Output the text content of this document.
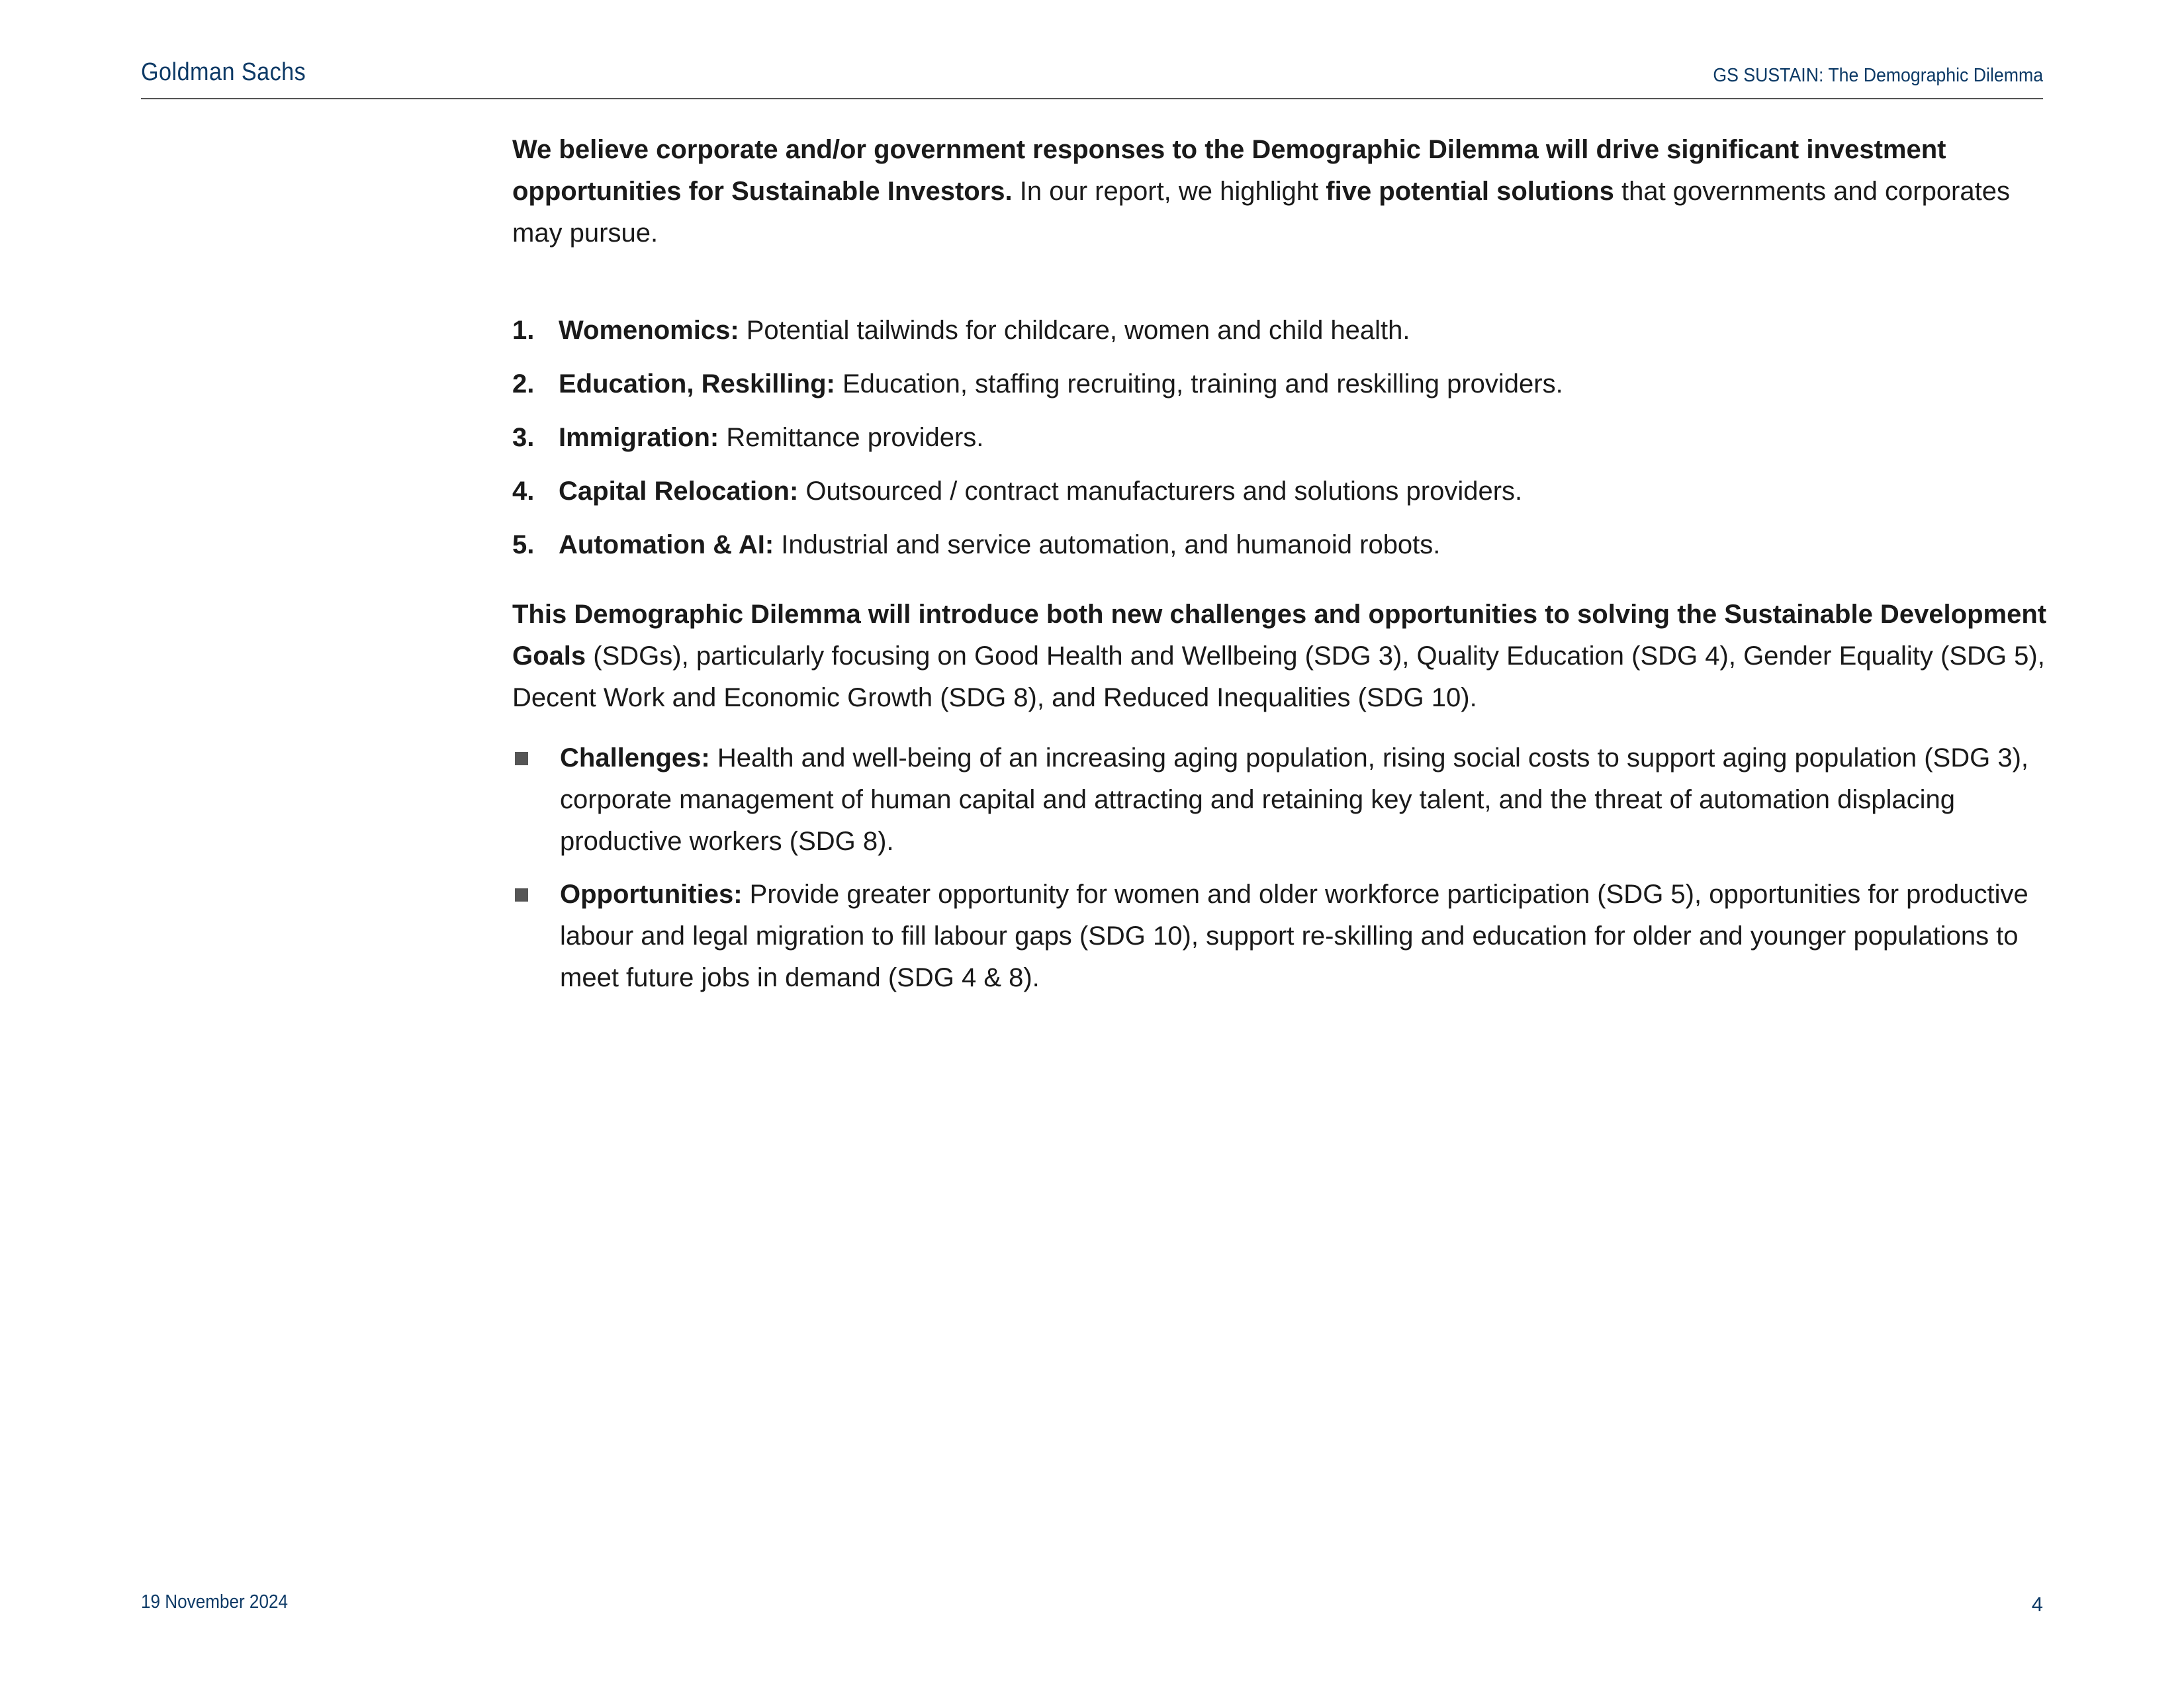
Goldman Sachs	GS SUSTAIN: The Demographic Dilemma

We believe corporate and/or government responses to the Demographic Dilemma will drive significant investment opportunities for Sustainable Investors. In our report, we highlight five potential solutions that governments and corporates may pursue.

1. Womenomics: Potential tailwinds for childcare, women and child health.
2. Education, Reskilling: Education, staffing recruiting, training and reskilling providers.
3. Immigration: Remittance providers.
4. Capital Relocation: Outsourced / contract manufacturers and solutions providers.
5. Automation & AI: Industrial and service automation, and humanoid robots.

This Demographic Dilemma will introduce both new challenges and opportunities to solving the Sustainable Development Goals (SDGs), particularly focusing on Good Health and Wellbeing (SDG 3), Quality Education (SDG 4), Gender Equality (SDG 5), Decent Work and Economic Growth (SDG 8), and Reduced Inequalities (SDG 10).

Challenges: Health and well-being of an increasing aging population, rising social costs to support aging population (SDG 3), corporate management of human capital and attracting and retaining key talent, and the threat of automation displacing productive workers (SDG 8).
Opportunities: Provide greater opportunity for women and older workforce participation (SDG 5), opportunities for productive labour and legal migration to fill labour gaps (SDG 10), support re-skilling and education for older and younger populations to meet future jobs in demand (SDG 4 & 8).
19 November 2024	4
